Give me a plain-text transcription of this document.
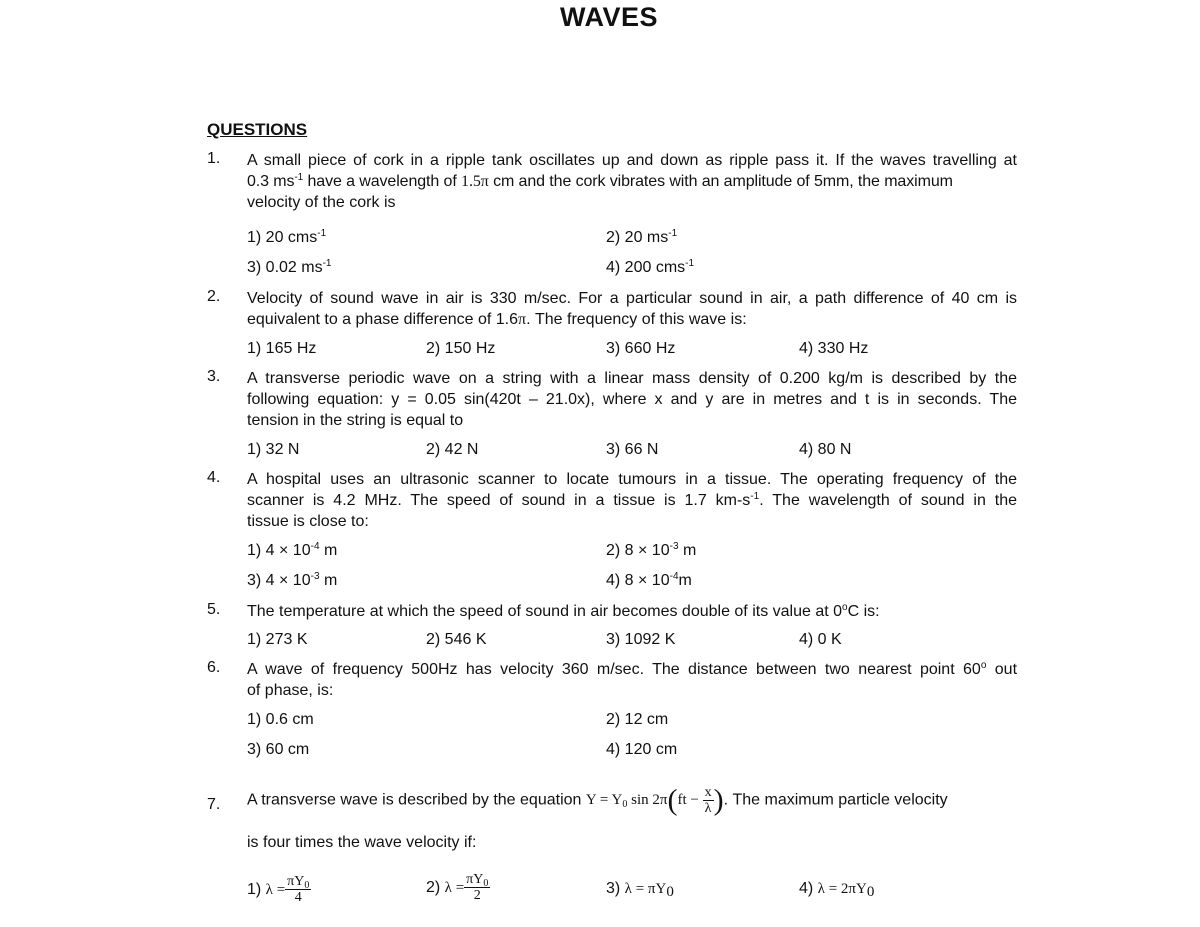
WAVES
QUESTIONS
1. A small piece of cork in a ripple tank oscillates up and down as ripple pass it. If the waves travelling at
0.3 $ms^{-1}$ have a wavelength of 1.5π cm and the cork vibrates with an amplitude of 5mm, the maximum
velocity of the cork is
1) 20 cms$^{-1}$	2) 20 $ms^{-1}$
3) 0.02 $ms^{-1}$	4) 200 cms$^{-1}$
2. Velocity of sound wave in air is 330 m/sec. For a particular sound in air, a path difference of 40 cm is
equivalent to a phase difference of 1.6π. The frequency of this wave is:
1) 165 Hz	2) 150 Hz	3) 660 Hz	4) 330 Hz
3. A transverse periodic wave on a string with a linear mass density of 0.200 kg/m is described by the
following equation: y = 0.05 sin(420t – 21.0x), where x and y are in metres and t is in seconds. The
tension in the string is equal to
1) 32 N	2) 42 N	3) 66 N	4) 80 N
4. A hospital uses an ultrasonic scanner to locate tumours in a tissue. The operating frequency of the
scanner is 4.2 MHz. The speed of sound in a tissue is 1.7 $km-s^{-1}$. The wavelength of sound in the
tissue is close to:
1) $4 \times 10^{-4}$ m	2) $8 \times 10^{-3}$ m
3) $4 \times 10^{-3}$ m	4) $8 \times 10^{-4}m$
5. The temperature at which the speed of sound in air becomes double of its value at 0$^o$C is:
1) 273 K	2) 546 K	3) 1092 K	4) 0 K
6. A wave of frequency 500Hz has velocity 360 m/sec. The distance between two nearest point 60$^o$ out
of phase, is:
1) 0.6 cm	2) 12 cm
3) 60 cm	4) 120 cm
7. A transverse wave is described by the equation $Y = Y_0$ $\sin 2\pi(ft - \frac{x}{\lambda}$ ). The maximum particle velocity
is four times the wave velocity if:
1) $\lambda = \frac{\pi Y_0}{4}$	2) $\lambda = \frac{\pi Y_0}{2}$	3) $\lambda = \pi Y_0$	4) $\lambda = 2\pi Y_0$
